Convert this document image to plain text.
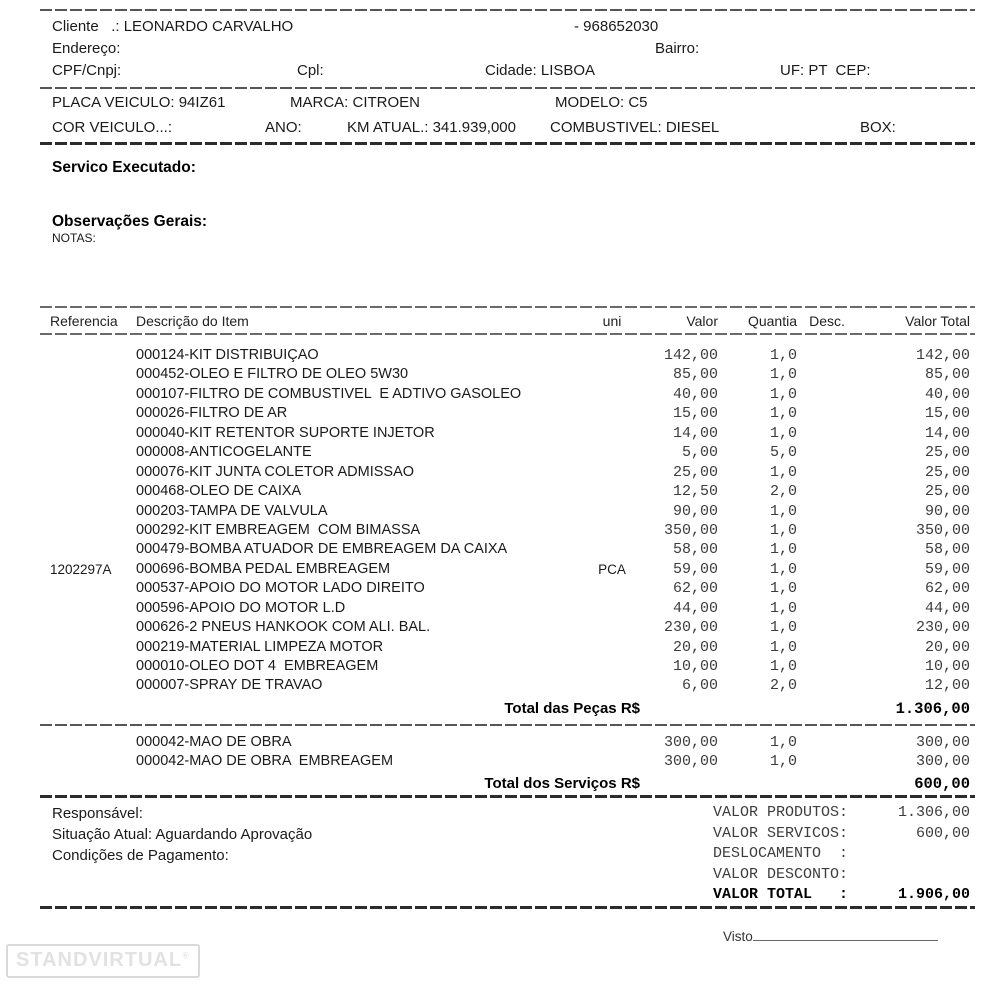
Cliente   .: LEONARDO CARVALHO	- 968652030
Endereço:	Bairro:
CPF/Cnpj:	Cpl:	Cidade: LISBOA	UF: PT  CEP:
PLACA VEICULO: 94IZ61	MARCA: CITROEN	MODELO: C5
COR VEICULO...:	ANO:	KM ATUAL.: 341.939,000 COMBUSTIVEL: DIESEL	BOX:
Servico Executado:
Observações Gerais:
NOTAS:
Referencia	Descrição do Item	uni	Valor	Quantia Desc.	Valor Total
000124-KIT DISTRIBUIÇAO	142,00	1,0	142,00
000452-OLEO E FILTRO DE OLEO 5W30	85,00	1,0	85,00
000107-FILTRO DE COMBUSTIVEL  E ADTIVO GASOLEO	40,00	1,0	40,00
000026-FILTRO DE AR	15,00	1,0	15,00
000040-KIT RETENTOR SUPORTE INJETOR	14,00	1,0	14,00
000008-ANTICOGELANTE	5,00	5,0	25,00
000076-KIT JUNTA COLETOR ADMISSAO	25,00	1,0	25,00
000468-OLEO DE CAIXA	12,50	2,0	25,00
000203-TAMPA DE VALVULA	90,00	1,0	90,00
000292-KIT EMBREAGEM  COM BIMASSA	350,00	1,0	350,00
000479-BOMBA ATUADOR DE EMBREAGEM DA CAIXA	58,00	1,0	58,00
1202297A	000696-BOMBA PEDAL EMBREAGEM	PCA	59,00	1,0	59,00
000537-APOIO DO MOTOR LADO DIREITO	62,00	1,0	62,00
000596-APOIO DO MOTOR L.D	44,00	1,0	44,00
000626-2 PNEUS HANKOOK COM ALI. BAL.	230,00	1,0	230,00
000219-MATERIAL LIMPEZA MOTOR	20,00	1,0	20,00
000010-OLEO DOT 4  EMBREAGEM	10,00	1,0	10,00
000007-SPRAY DE TRAVAO	6,00	2,0	12,00
Total das Peças R$	1.306,00
000042-MAO DE OBRA	300,00	1,0	300,00
000042-MAO DE OBRA  EMBREAGEM	300,00	1,0	300,00
Total dos Serviços R$	600,00
Responsável:
Situação Atual: Aguardando Aprovação
Condições de Pagamento:
VALOR PRODUTOS:	1.306,00
VALOR SERVICOS:	600,00
DESLOCAMENTO  :
VALOR DESCONTO:
VALOR TOTAL   :	1.906,00
Visto
STANDVIRTUAL®
